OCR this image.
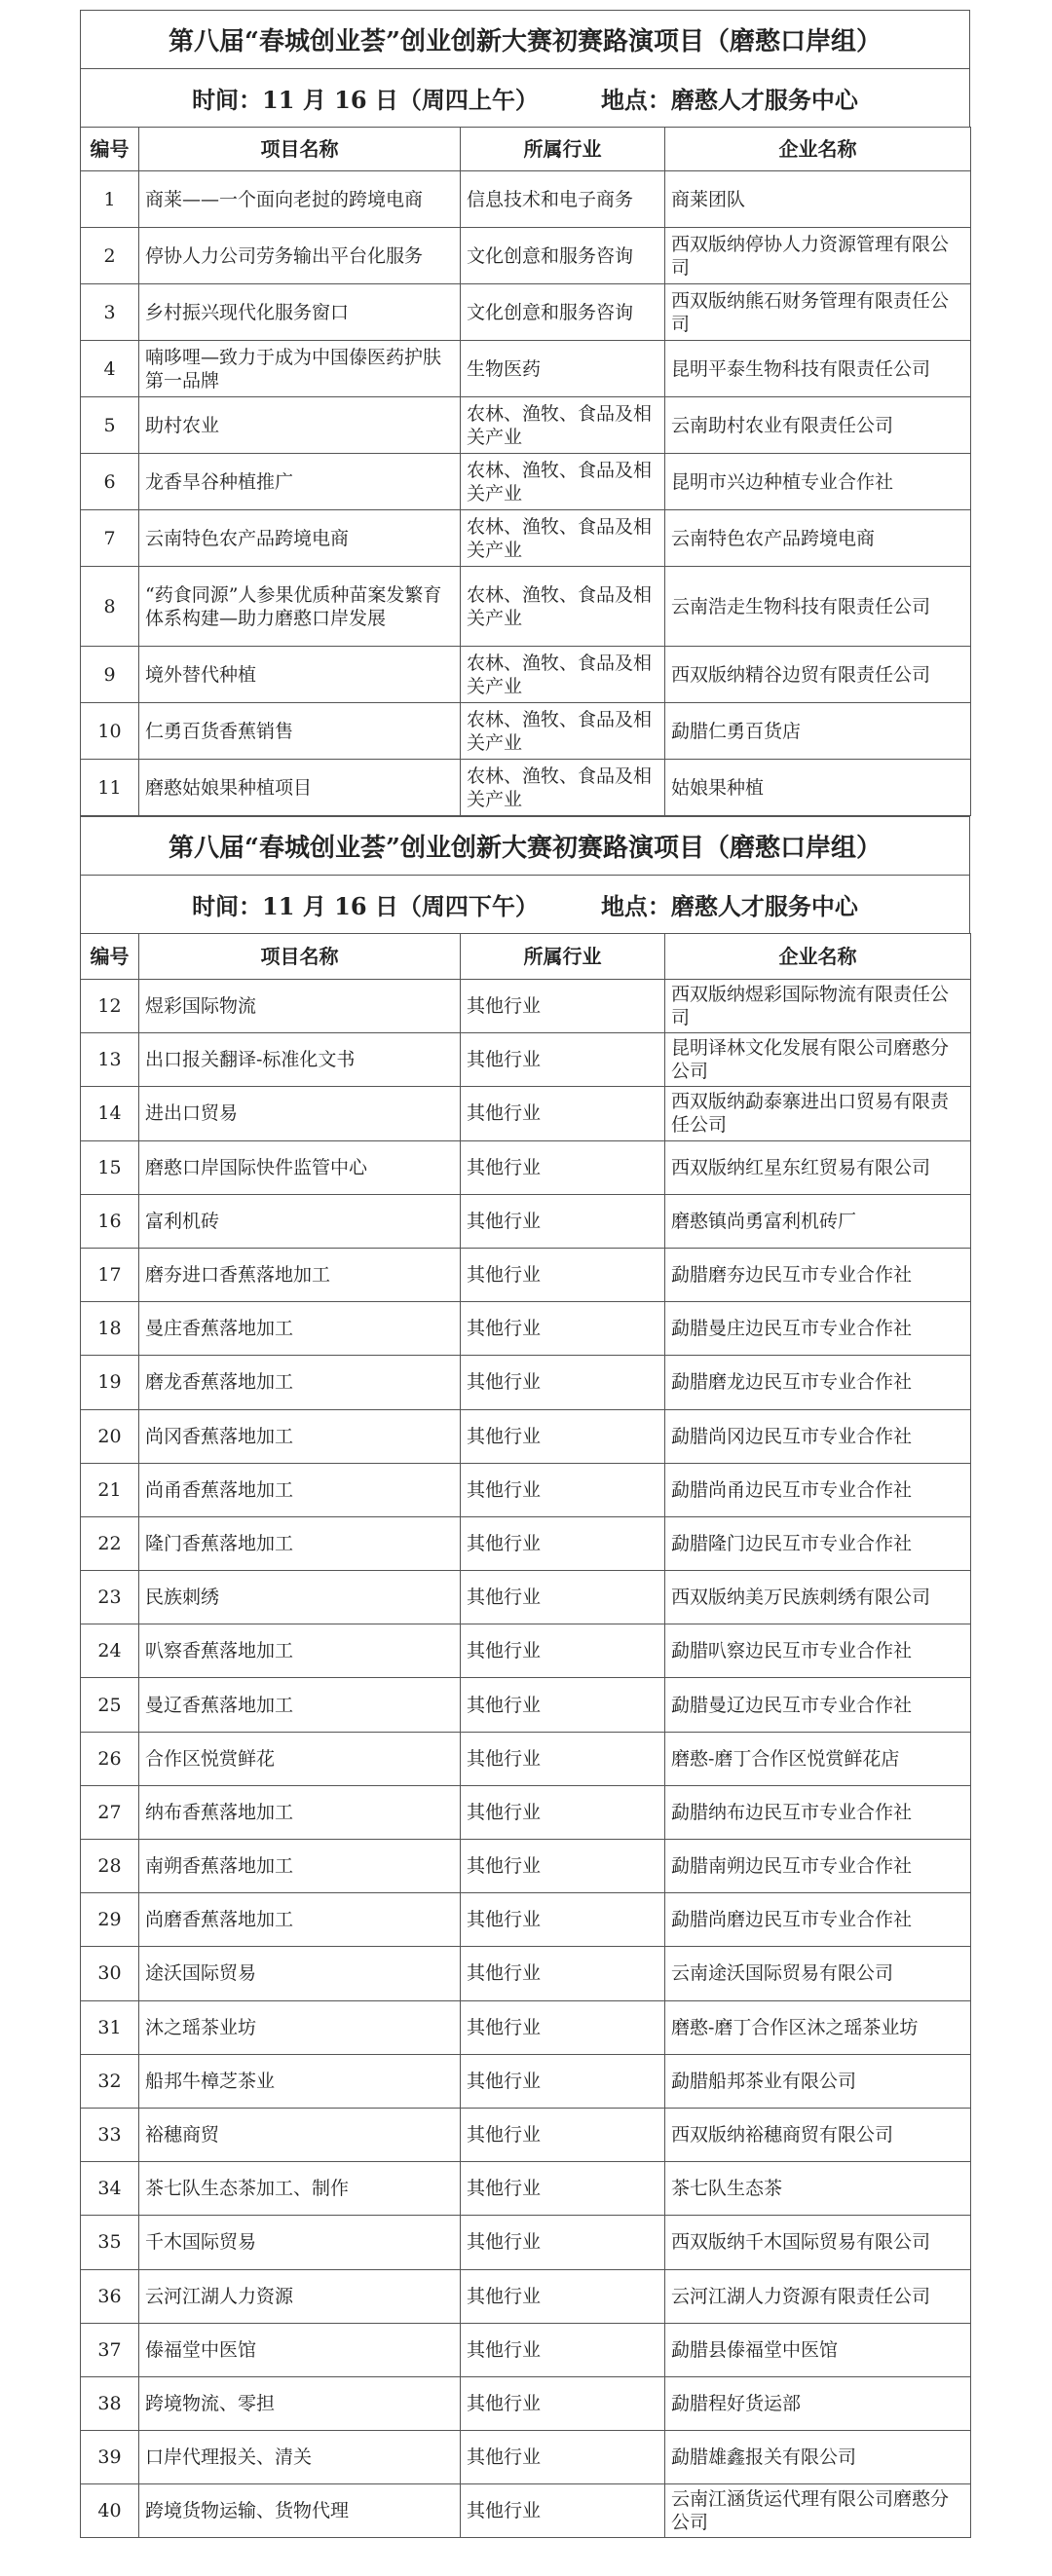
第八届“春城创业荟”创业创新大赛初赛路演项目（磨憨口岸组）
时间：11 月 16 日（周四上午）	地点：磨憨人才服务中心
编号	项目名称	所属行业	企业名称
1	商莱——一个面向老挝的跨境电商	信息技术和电子商务	商莱团队
2	停协人力公司劳务输出平台化服务	文化创意和服务咨询	西双版纳停协人力资源管理有限公司
3	乡村振兴现代化服务窗口	文化创意和服务咨询	西双版纳熊石财务管理有限责任公司
4	喃哆哩—致力于成为中国傣医药护肤第一品牌	生物医药	昆明平泰生物科技有限责任公司
5	助村农业	农林、渔牧、食品及相关产业	云南助村农业有限责任公司
6	龙香旱谷种植推广	农林、渔牧、食品及相关产业	昆明市兴边种植专业合作社
7	云南特色农产品跨境电商	农林、渔牧、食品及相关产业	云南特色农产品跨境电商
8	“药食同源”人参果优质种苗案发繁育体系构建—助力磨憨口岸发展	农林、渔牧、食品及相关产业	云南浩走生物科技有限责任公司
9	境外替代种植	农林、渔牧、食品及相关产业	西双版纳精谷边贸有限责任公司
10	仁勇百货香蕉销售	农林、渔牧、食品及相关产业	勐腊仁勇百货店
11	磨憨姑娘果种植项目	农林、渔牧、食品及相关产业	姑娘果种植
第八届“春城创业荟”创业创新大赛初赛路演项目（磨憨口岸组）
时间：11 月 16 日（周四下午）	地点：磨憨人才服务中心
编号	项目名称	所属行业	企业名称
12	煜彩国际物流	其他行业	西双版纳煜彩国际物流有限责任公司
13	出口报关翻译-标准化文书	其他行业	昆明译林文化发展有限公司磨憨分公司
14	进出口贸易	其他行业	西双版纳勐泰寨进出口贸易有限责任公司
15	磨憨口岸国际快件监管中心	其他行业	西双版纳红星东红贸易有限公司
16	富利机砖	其他行业	磨憨镇尚勇富利机砖厂
17	磨夯进口香蕉落地加工	其他行业	勐腊磨夯边民互市专业合作社
18	曼庄香蕉落地加工	其他行业	勐腊曼庄边民互市专业合作社
19	磨龙香蕉落地加工	其他行业	勐腊磨龙边民互市专业合作社
20	尚冈香蕉落地加工	其他行业	勐腊尚冈边民互市专业合作社
21	尚甬香蕉落地加工	其他行业	勐腊尚甬边民互市专业合作社
22	隆门香蕉落地加工	其他行业	勐腊隆门边民互市专业合作社
23	民族刺绣	其他行业	西双版纳美万民族刺绣有限公司
24	叭察香蕉落地加工	其他行业	勐腊叭察边民互市专业合作社
25	曼辽香蕉落地加工	其他行业	勐腊曼辽边民互市专业合作社
26	合作区悦赏鲜花	其他行业	磨憨-磨丁合作区悦赏鲜花店
27	纳布香蕉落地加工	其他行业	勐腊纳布边民互市专业合作社
28	南朔香蕉落地加工	其他行业	勐腊南朔边民互市专业合作社
29	尚磨香蕉落地加工	其他行业	勐腊尚磨边民互市专业合作社
30	途沃国际贸易	其他行业	云南途沃国际贸易有限公司
31	沐之瑶茶业坊	其他行业	磨憨-磨丁合作区沐之瑶茶业坊
32	船邦牛樟芝茶业	其他行业	勐腊船邦茶业有限公司
33	裕穗商贸	其他行业	西双版纳裕穗商贸有限公司
34	茶七队生态茶加工、制作	其他行业	茶七队生态茶
35	千木国际贸易	其他行业	西双版纳千木国际贸易有限公司
36	云河江湖人力资源	其他行业	云河江湖人力资源有限责任公司
37	傣福堂中医馆	其他行业	勐腊县傣福堂中医馆
38	跨境物流、零担	其他行业	勐腊程好货运部
39	口岸代理报关、清关	其他行业	勐腊雄鑫报关有限公司
40	跨境货物运输、货物代理	其他行业	云南江涵货运代理有限公司磨憨分公司
